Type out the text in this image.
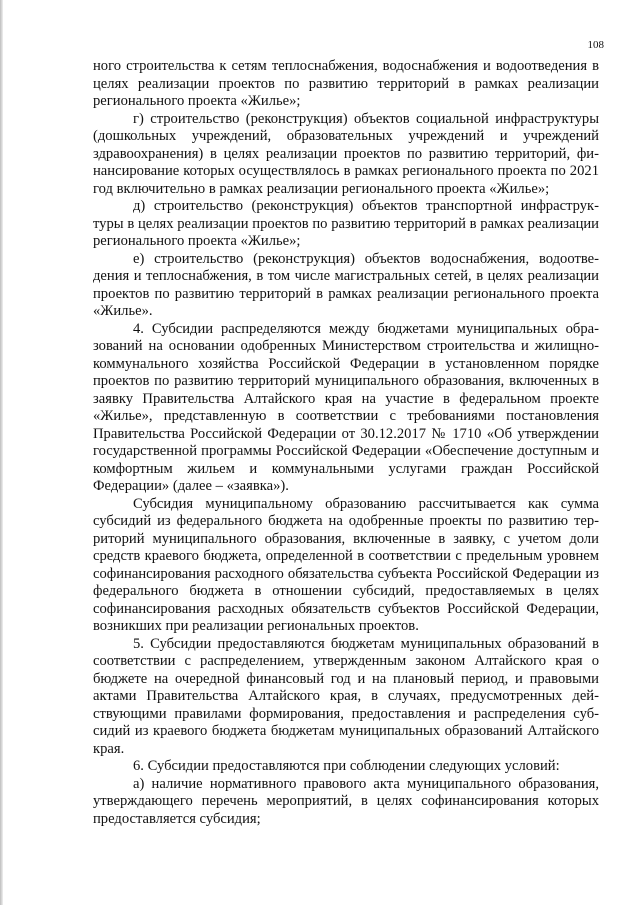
108

ного строительства к сетям теплоснабжения, водоснабжения и водоотведения в целях реализации проектов по развитию территорий в рамках реализации регионального проекта «Жилье»;

г) строительство (реконструкция) объектов социальной инфраструктуры (дошкольных учреждений, образовательных учреждений и учреждений здравоохранения) в целях реализации проектов по развитию территорий, финансирование которых осуществлялось в рамках регионального проекта по 2021 год включительно в рамках реализации регионального проекта «Жилье»;

д) строительство (реконструкция) объектов транспортной инфраструктуры в целях реализации проектов по развитию территорий в рамках реализации регионального проекта «Жилье»;

е) строительство (реконструкция) объектов водоснабжения, водоотведения и теплоснабжения, в том числе магистральных сетей, в целях реализации проектов по развитию территорий в рамках реализации регионального проекта «Жилье».

4. Субсидии распределяются между бюджетами муниципальных образований на основании одобренных Министерством строительства и жилищно-коммунального хозяйства Российской Федерации в установленном порядке проектов по развитию территорий муниципального образования, включенных в заявку Правительства Алтайского края на участие в федеральном проекте «Жилье», представленную в соответствии с требованиями постановления Правительства Российской Федерации от 30.12.2017 № 1710 «Об утверждении государственной программы Российской Федерации «Обеспечение доступным и комфортным жильем и коммунальными услугами граждан Российской Федерации» (далее – «заявка»).

Субсидия муниципальному образованию рассчитывается как сумма субсидий из федерального бюджета на одобренные проекты по развитию территорий муниципального образования, включенные в заявку, с учетом доли средств краевого бюджета, определенной в соответствии с предельным уровнем софинансирования расходного обязательства субъекта Российской Федерации из федерального бюджета в отношении субсидий, предоставляемых в целях софинансирования расходных обязательств субъектов Российской Федерации, возникших при реализации региональных проектов.

5. Субсидии предоставляются бюджетам муниципальных образований в соответствии с распределением, утвержденным законом Алтайского края о бюджете на очередной финансовый год и на плановый период, и правовыми актами Правительства Алтайского края, в случаях, предусмотренных действующими правилами формирования, предоставления и распределения субсидий из краевого бюджета бюджетам муниципальных образований Алтайского края.

6. Субсидии предоставляются при соблюдении следующих условий:

а) наличие нормативного правового акта муниципального образования, утверждающего перечень мероприятий, в целях софинансирования которых предоставляется субсидия;
